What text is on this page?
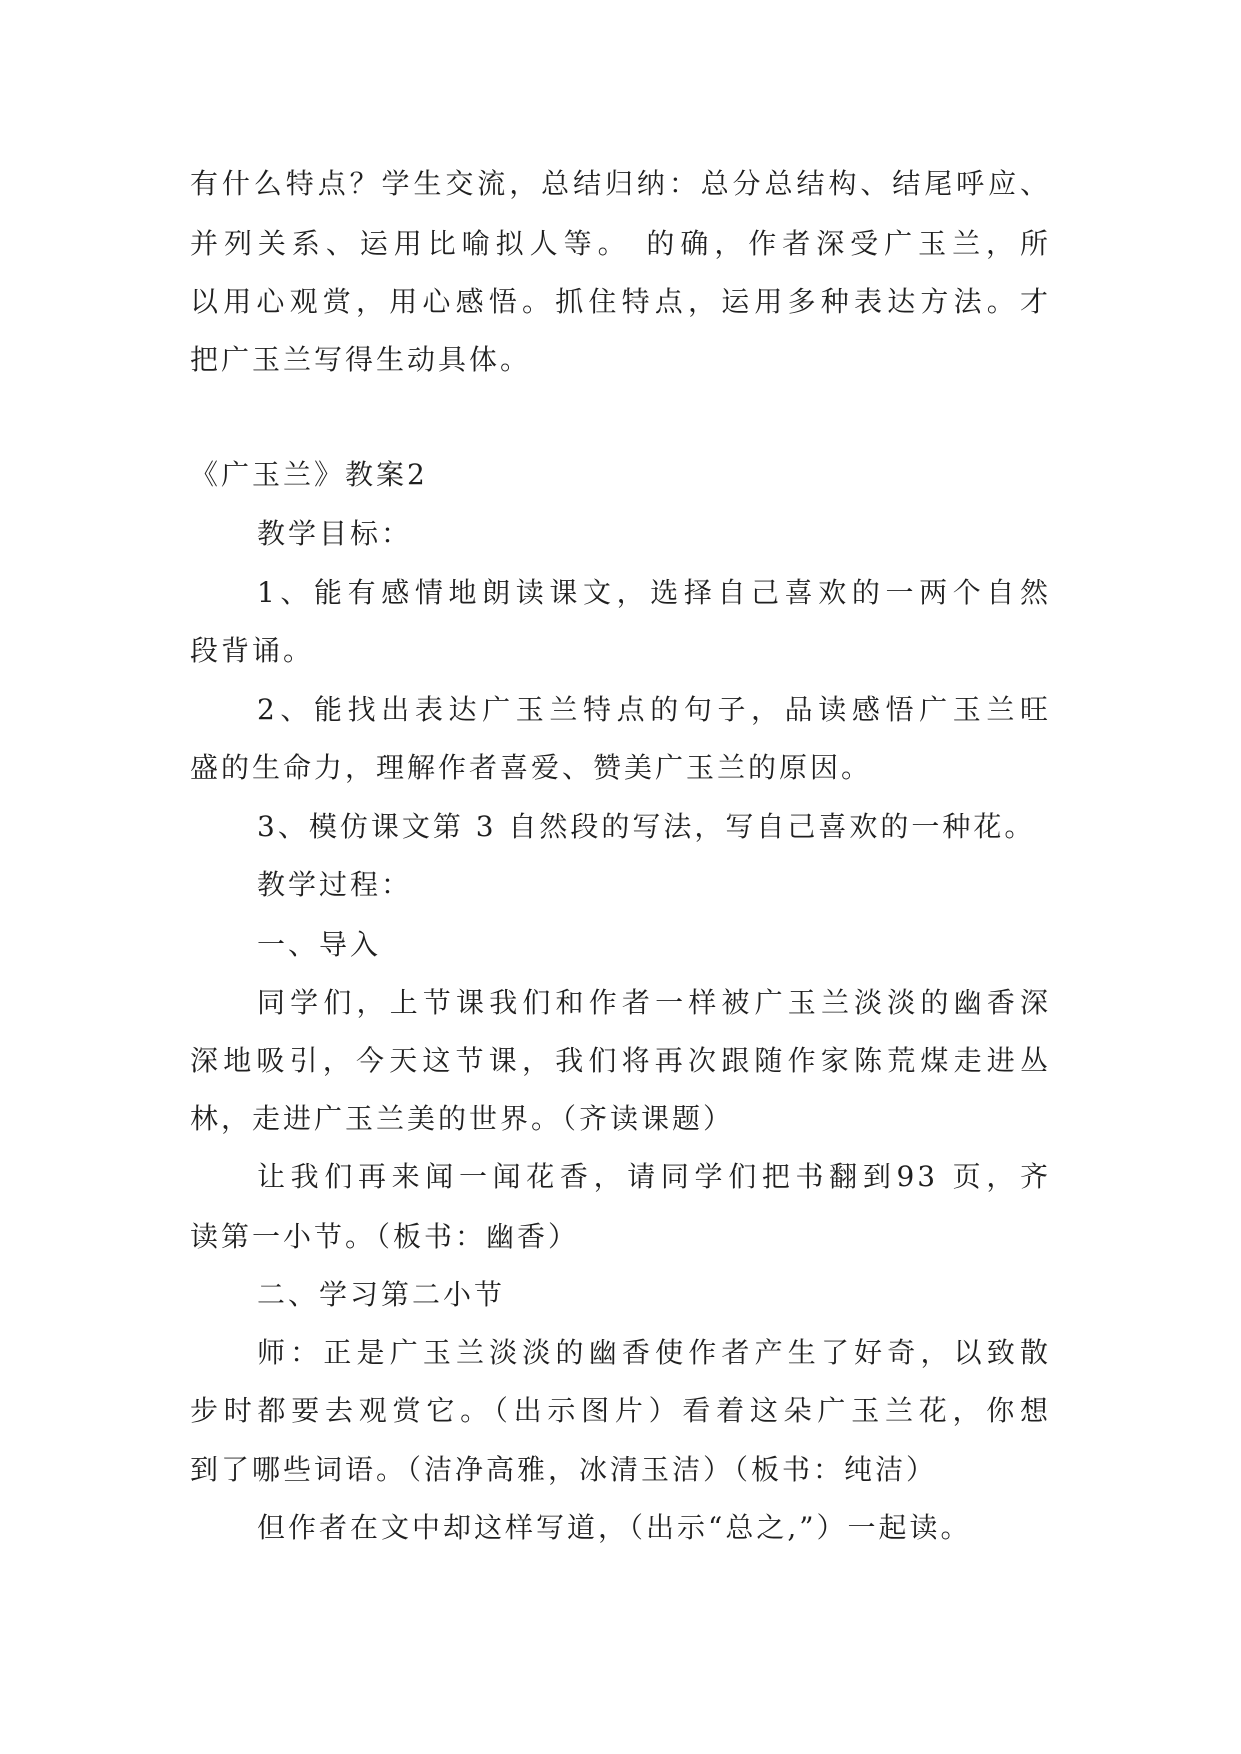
有什么特点？学生交流，总结归纳：总分总结构、结尾呼应、
并列关系、运用比喻拟人等。 的确，作者深受广玉兰，所
以用心观赏，用心感悟。抓住特点，运用多种表达方法。才
把广玉兰写得生动具体。
《广玉兰》教案2
教学目标：
1、能有感情地朗读课文，选择自己喜欢的一两个自然
段背诵。
2、能找出表达广玉兰特点的句子，品读感悟广玉兰旺
盛的生命力，理解作者喜爱、赞美广玉兰的原因。
3、模仿课文第 3 自然段的写法，写自己喜欢的一种花。
教学过程：
一、导入
同学们，上节课我们和作者一样被广玉兰淡淡的幽香深
深地吸引，今天这节课，我们将再次跟随作家陈荒煤走进丛
林，走进广玉兰美的世界。（齐读课题）
让我们再来闻一闻花香，请同学们把书翻到93 页，齐
读第一小节。（板书：幽香）
二、学习第二小节
师：正是广玉兰淡淡的幽香使作者产生了好奇，以致散
步时都要去观赏它。（出示图片）看着这朵广玉兰花，你想
到了哪些词语。（洁净高雅，冰清玉洁）（板书：纯洁）
但作者在文中却这样写道，（出示“总之,”）一起读。
